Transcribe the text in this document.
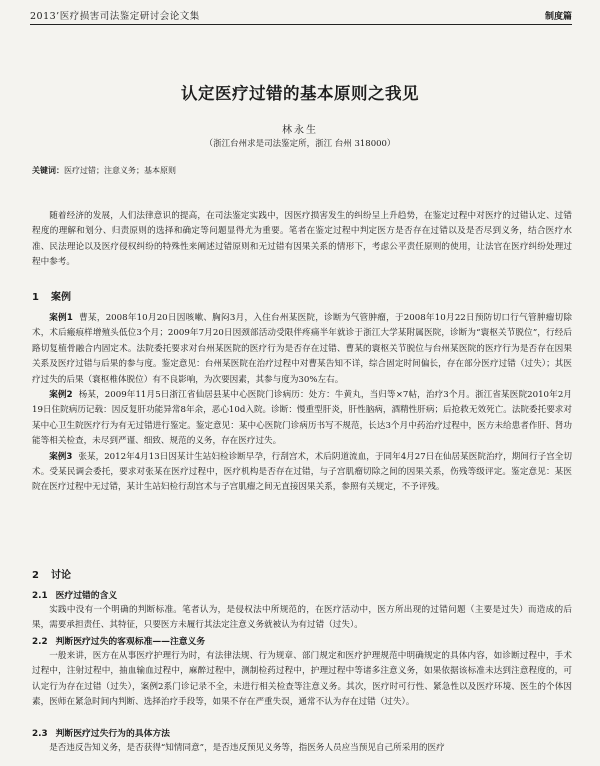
2013’医疗损害司法鉴定研讨会论文集	制度篇
认定医疗过错的基本原则之我见
林永生
（浙江台州求是司法鉴定所，浙江 台州 318000）
关键词：医疗过错；注意义务；基本原则

随着经济的发展，人们法律意识的提高，在司法鉴定实践中，因医疗损害发生的纠纷呈上升趋势，在鉴定过程中对医疗的过错认定、过错程度的理解和划分、归责原则的选择和确定等问题显得尤为重要。笔者在鉴定过程中判定医方是否存在过错以及是否尽到义务，结合医疗水准、民法理论以及医疗侵权纠纷的特殊性来阐述过错原则和无过错有因果关系的情形下，考虑公平责任原则的使用，让法官在医疗纠纷处理过程中参考。

1 案例

案例1 曹某，2008年10月20日因咳嗽、胸闷3月，入住台州某医院，诊断为气管肿瘤，于2008年10月22日预防切口行气管肿瘤切除术，术后瘢痕样增殖头低位3个月；2009年7月20日因颈部活动受限伴疼痛半年就诊于浙江大学某附属医院，诊断为“寰枢关节脱位”，行经后路切复植骨融合内固定术。法院委托要求对台州某医院的医疗行为是否存在过错、曹某的寰枢关节脱位与台州某医院的医疗行为是否存在因果关系及医疗过错与后果的参与度。鉴定意见：台州某医院在治疗过程中对曹某告知不详，综合固定时间偏长，存在部分医疗过错（过失）；其医疗过失的后果（寰枢椎体脱位）有不良影响，为次要因素，其参与度为30%左右。

案例2 杨某，2009年11月5日浙江省仙居县某中心医院门诊病历：处方：牛黄丸，当归等×7帖，治疗3个月。浙江省某医院2010年2月19日住院病历记载：因反复肝功能异常8年余，恶心10d入院。诊断：慢重型肝炎，肝性脑病，酒精性肝病；后抢救无效死亡。法院委托要求对某中心卫生院医疗行为有无过错进行鉴定。鉴定意见：某中心医院门诊病历书写不规范，长达3个月中药治疗过程中，医方未给患者作肝、肾功能等相关检查，未尽到严谨、细致、规范的义务，存在医疗过失。

案例3 张某，2012年4月13日因某计生站妇检诊断早孕，行刮宫术，术后阴道流血，于同年4月27日在仙居某医院治疗，期间行子宫全切术。受某民调会委托，要求对张某在医疗过程中，医疗机构是否存在过错，与子宫肌瘤切除之间的因果关系，伤残等级评定。鉴定意见：某医院在医疗过程中无过错，某计生站妇检行刮宫术与子宫肌瘤之间无直接因果关系，参照有关规定，不予评残。

2 讨论
2.1 医疗过错的含义

实践中没有一个明确的判断标准。笔者认为，是侵权法中所规范的，在医疗活动中，医方所出现的过错问题（主要是过失）而造成的后果，需要承担责任、其特征，只要医方未履行其法定注意义务就被认为有过错（过失）。

2.2 判断医疗过失的客观标准——注意义务

一般来讲，医方在从事医疗护理行为时，有法律法规、行为规章、部门规定和医疗护理规范中明确规定的具体内容，如诊断过程中，手术过程中，注射过程中，抽血输血过程中，麻醉过程中，测制检药过程中，护理过程中等诸多注意义务，如果依据该标准未达到注意程度的，可认定行为存在过错（过失），案例2系门诊记录不全，未进行相关检查等注意义务。其次，医疗时可行性、紧急性以及医疗环境、医生的个体因素，医师在紧急时间内判断、选择治疗手段等，如果不存在严重失误，通常不认为存在过错（过失）。

2.3 判断医疗过失行为的具体方法

是否违反告知义务，是否获得“知情同意”，是否违反预见义务等，指医务人员应当预见自己所采用的医疗
